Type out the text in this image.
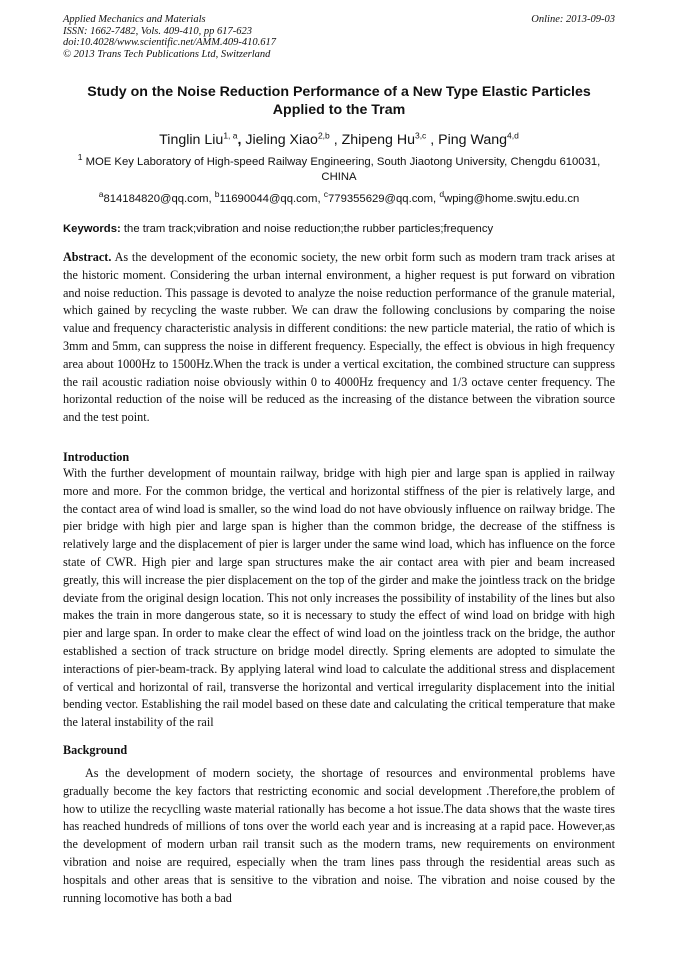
Applied Mechanics and Materials
ISSN: 1662-7482, Vols. 409-410, pp 617-623
doi:10.4028/www.scientific.net/AMM.409-410.617
© 2013 Trans Tech Publications Ltd, Switzerland
Online: 2013-09-03
Study on the Noise Reduction Performance of a New Type Elastic Particles Applied to the Tram
Tinglin Liu$^{1, a}$, Jieling Xiao$^{2,b}$ , Zhipeng Hu$^{3,c}$ , Ping Wang$^{4,d}$
$^1$ MOE Key Laboratory of High-speed Railway Engineering, South Jiaotong University, Chengdu 610031, CHINA
$^a$814184820@qq.com, $^b$11690044@qq.com, $^c$779355629@qq.com, $^d$wping@home.swjtu.edu.cn
Keywords: the tram track;vibration and noise reduction;the rubber particles;frequency
Abstract. As the development of the economic society, the new orbit form such as modern tram track arises at the historic moment. Considering the urban internal environment, a higher request is put forward on vibration and noise reduction. This passage is devoted to analyze the noise reduction performance of the granule material, which gained by recycling the waste rubber. We can draw the following conclusions by comparing the noise value and frequency characteristic analysis in different conditions: the new particle material, the ratio of which is 3mm and 5mm, can suppress the noise in different frequency. Especially, the effect is obvious in high frequency area about 1000Hz to 1500Hz.When the track is under a vertical excitation, the combined structure can suppress the rail acoustic radiation noise obviously within 0 to 4000Hz frequency and 1/3 octave center frequency. The horizontal reduction of the noise will be reduced as the increasing of the distance between the vibration source and the test point.
Introduction
With the further development of mountain railway, bridge with high pier and large span is applied in railway more and more. For the common bridge, the vertical and horizontal stiffness of the pier is relatively large, and the contact area of wind load is smaller, so the wind load do not have obviously influence on railway bridge. The pier bridge with high pier and large span is higher than the common bridge, the decrease of the stiffness is relatively large and the displacement of pier is larger under the same wind load, which has influence on the force state of CWR. High pier and large span structures make the air contact area with pier and beam increased greatly, this will increase the pier displacement on the top of the girder and make the jointless track on the bridge deviate from the original design location. This not only increases the possibility of instability of the lines but also makes the train in more dangerous state, so it is necessary to study the effect of wind load on bridge with high pier and large span. In order to make clear the effect of wind load on the jointless track on the bridge, the author established a section of track structure on bridge model directly. Spring elements are adopted to simulate the interactions of pier-beam-track. By applying lateral wind load to calculate the additional stress and displacement of vertical and horizontal of rail, transverse the horizontal and vertical irregularity displacement into the initial bending vector. Establishing the rail model based on these date and calculating the critical temperature that make the lateral instability of the rail
Background
As the development of modern society, the shortage of resources and environmental problems have gradually become the key factors that restricting economic and social development .Therefore,the problem of how to utilize the recyclling waste material rationally has become a hot issue.The data shows that the waste tires has reached hundreds of millions of tons over the world each year and is increasing at a rapid pace. However,as the development of modern urban rail transit such as the modern trams, new requirements on environment vibration and noise are required, especially when the tram lines pass through the residential areas such as hospitals and other areas that is sensitive to the vibration and noise. The vibration and noise coused by the running locomotive has both a bad
